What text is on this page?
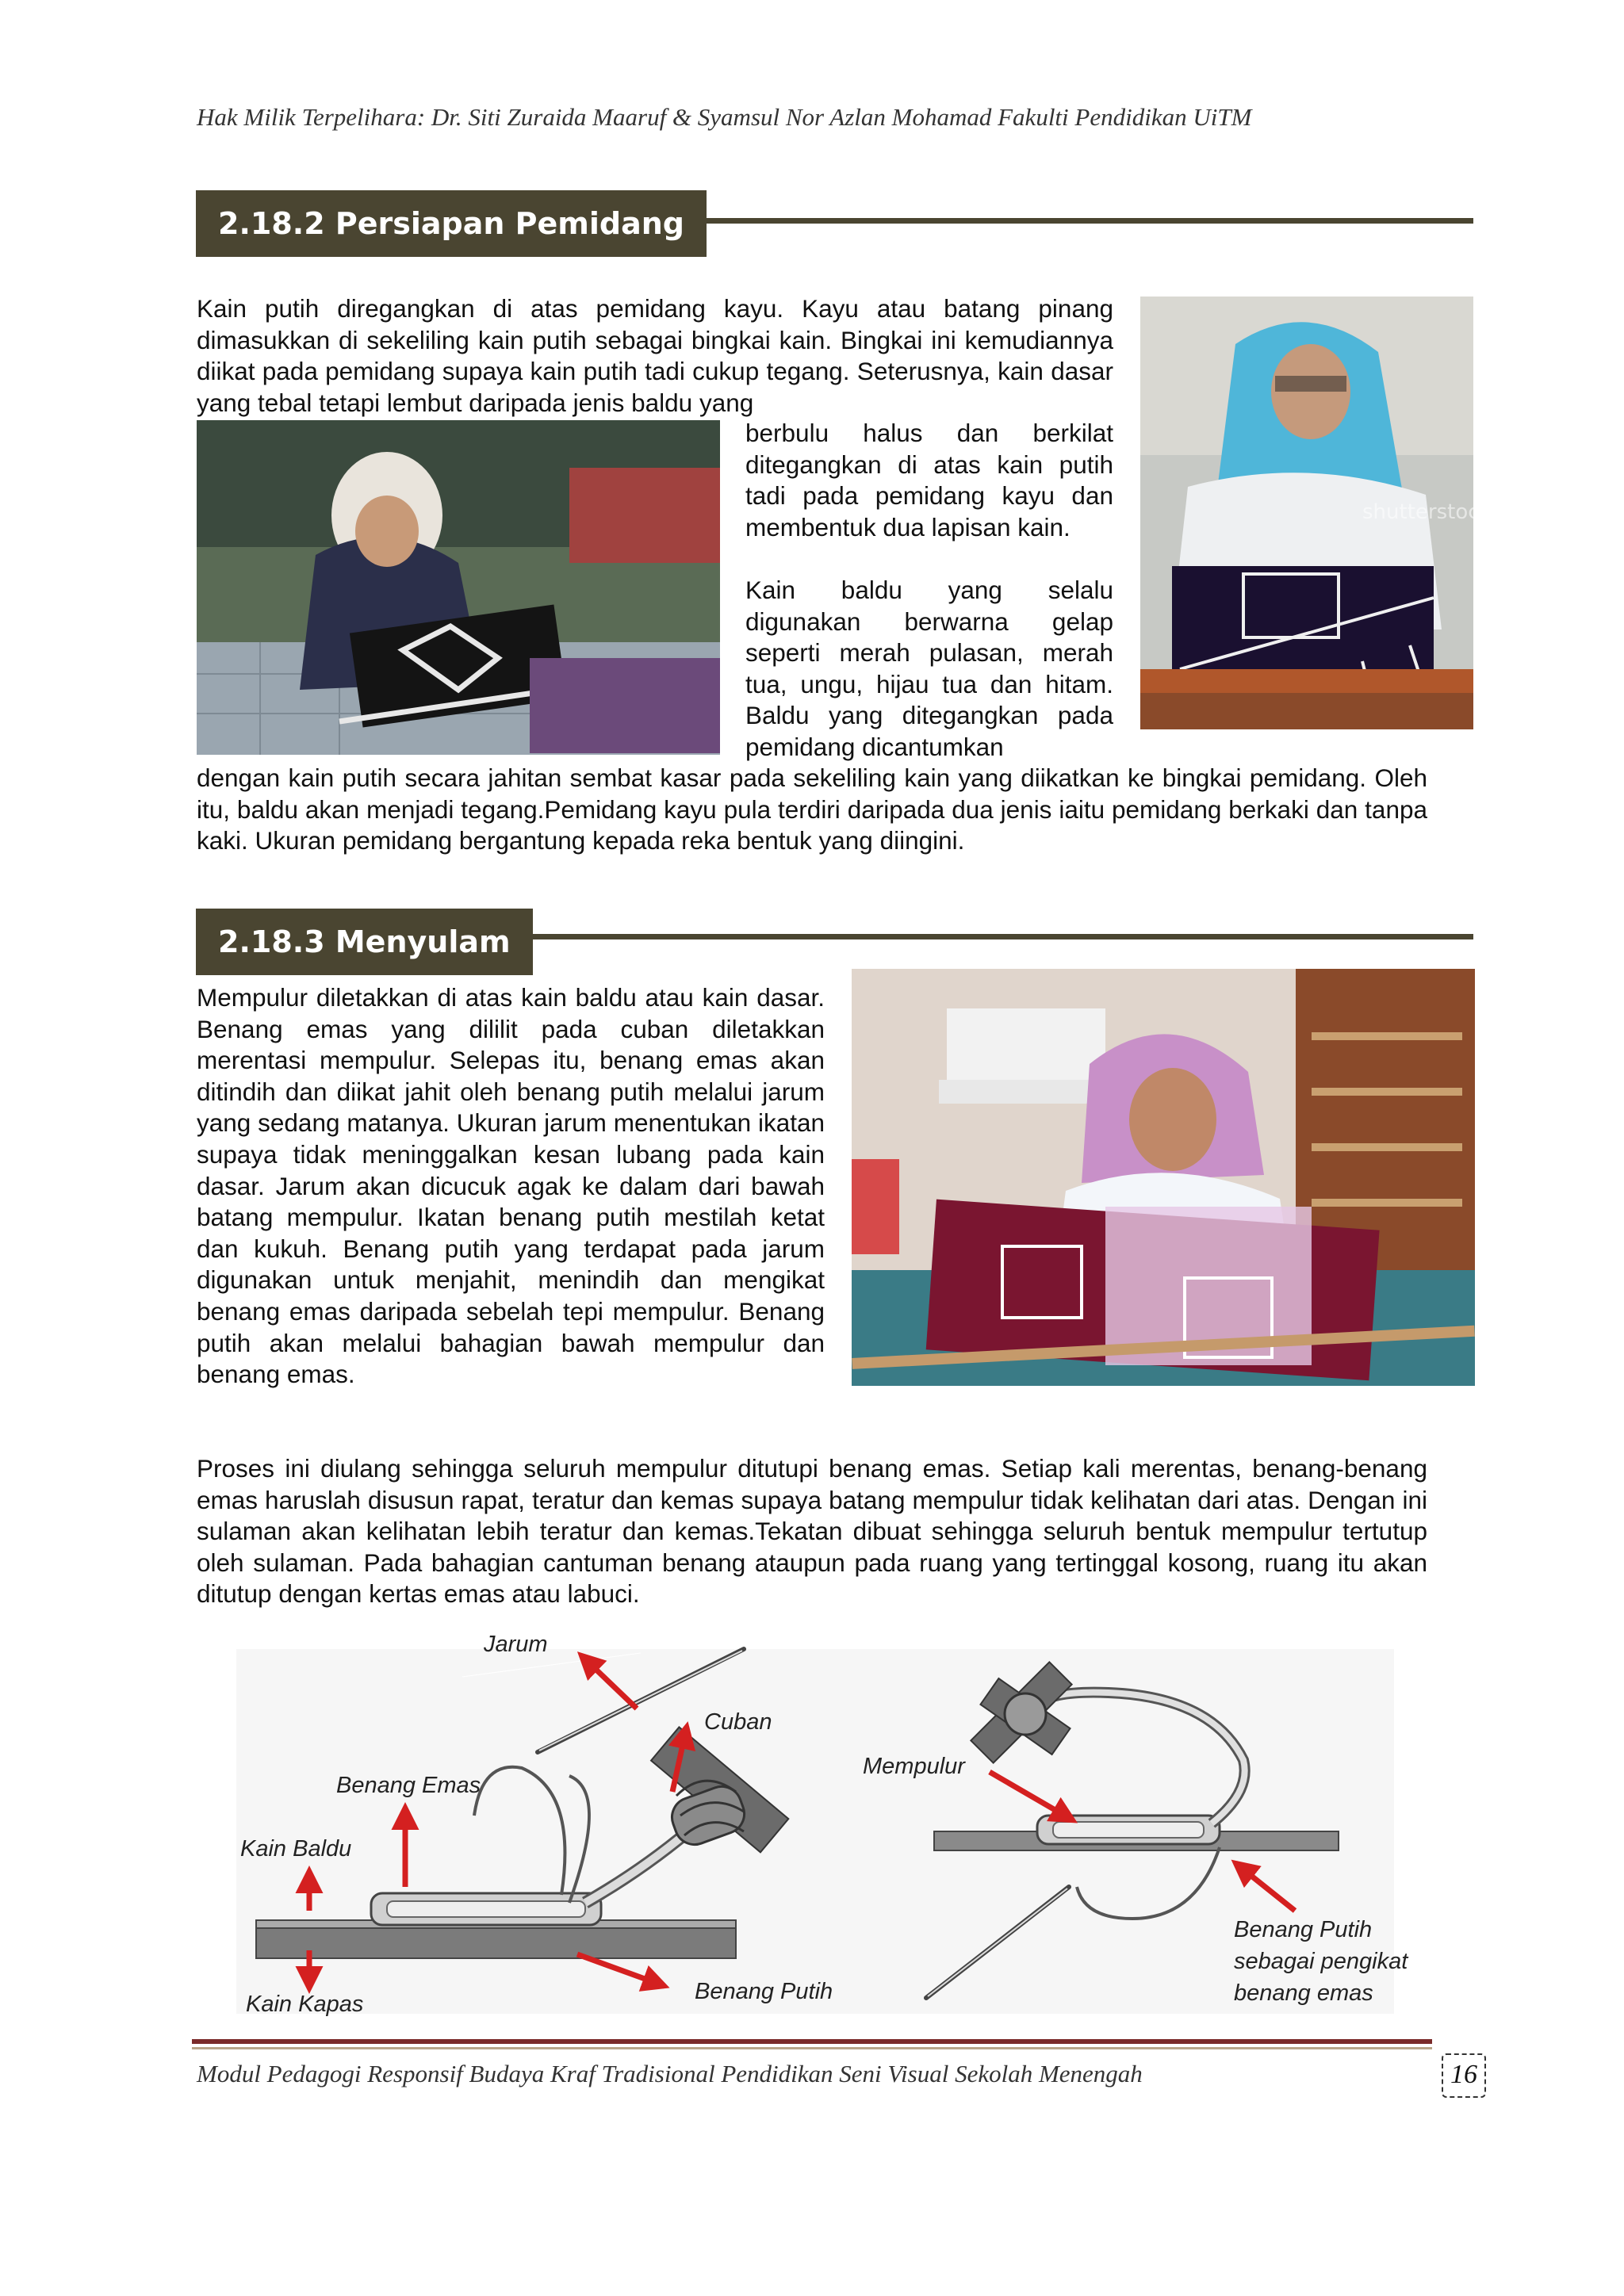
Hak Milik Terpelihara: Dr. Siti Zuraida Maaruf & Syamsul Nor Azlan Mohamad Fakulti Pendidikan UiTM
2.18.2 Persiapan Pemidang

Kain putih diregangkan di atas pemidang kayu. Kayu atau batang pinang dimasukkan di sekeliling kain putih sebagai bingkai kain. Bingkai ini kemudiannya diikat pada pemidang supaya kain putih tadi cukup tegang. Seterusnya, kain dasar yang tebal tetapi lembut daripada jenis baldu yang

berbulu halus dan berkilat ditegangkan di atas kain putih tadi pada pemidang kayu dan membentuk dua lapisan kain.

Kain baldu yang selalu digunakan berwarna gelap seperti merah pulasan, merah tua, ungu, hijau tua dan hitam. Baldu yang ditegangkan pada pemidang dicantumkan

shutterstock

dengan kain putih secara jahitan sembat kasar pada sekeliling kain yang diikatkan ke bingkai pemidang. Oleh itu, baldu akan menjadi tegang.Pemidang kayu pula terdiri daripada dua jenis iaitu pemidang berkaki dan tanpa kaki. Ukuran pemidang bergantung kepada reka bentuk yang diingini.

2.18.3 Menyulam

Mempulur diletakkan di atas kain baldu atau kain dasar. Benang emas yang dililit pada cuban diletakkan merentasi mempulur. Selepas itu, benang emas akan ditindih dan diikat jahit oleh benang putih melalui jarum yang sedang matanya. Ukuran jarum menentukan ikatan supaya tidak meninggalkan kesan lubang pada kain dasar. Jarum akan dicucuk agak ke dalam dari bawah batang mempulur. Ikatan benang putih mestilah ketat dan kukuh. Benang putih yang terdapat pada jarum digunakan untuk menjahit, menindih dan mengikat benang emas daripada sebelah tepi mempulur. Benang putih akan melalui bahagian bawah mempulur dan benang emas.

Proses ini diulang sehingga seluruh mempulur ditutupi benang emas. Setiap kali merentas, benang-benang emas haruslah disusun rapat, teratur dan kemas supaya batang mempulur tidak kelihatan dari atas. Dengan ini sulaman akan kelihatan lebih teratur dan kemas.Tekatan dibuat sehingga seluruh bentuk mempulur tertutup oleh sulaman. Pada bahagian cantuman benang ataupun pada ruang yang tertinggal kosong, ruang itu akan ditutup dengan kertas emas atau labuci.

Jarum
Cuban
Benang Emas
Kain Baldu
Kain Kapas	Benang Putih
Mempulur
Benang Putih
sebagai pengikat
benang emas
Modul Pedagogi Responsif Budaya Kraf Tradisional Pendidikan Seni Visual Sekolah Menengah	16
